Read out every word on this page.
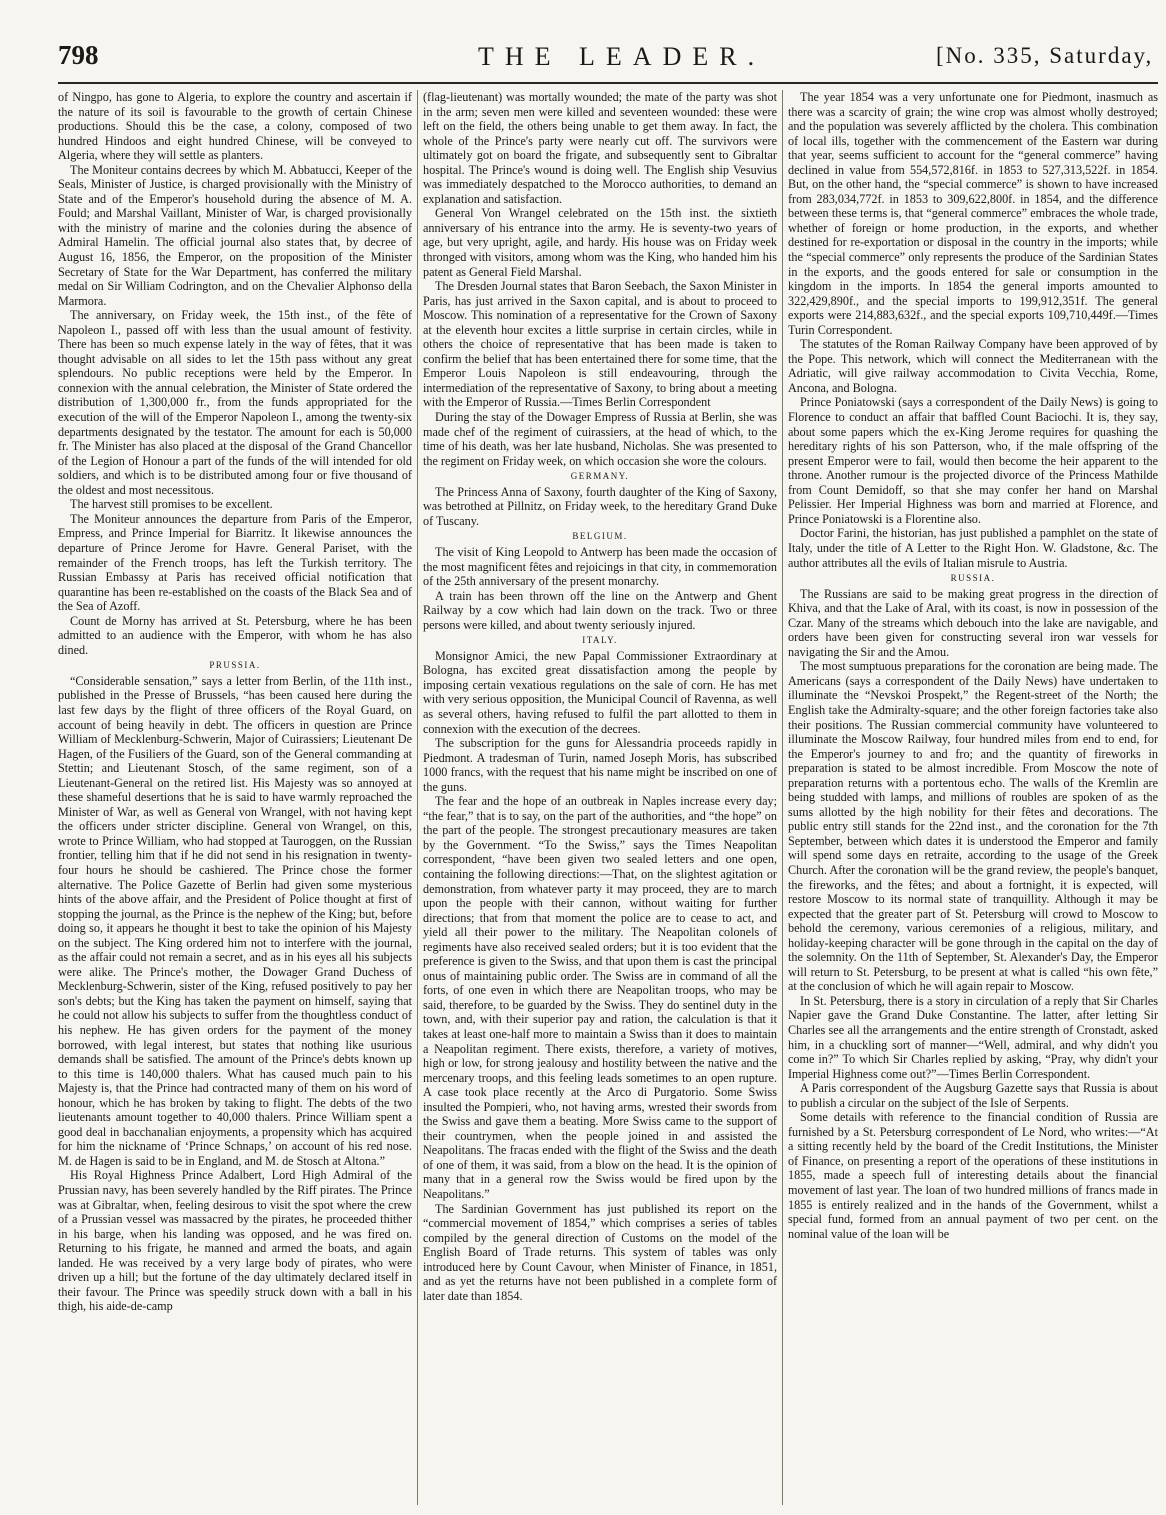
798	THE LEADER.	[No. 335, Saturday,

of Ningpo, has gone to Algeria, to explore the country and ascertain if the nature of its soil is favourable to the growth of certain Chinese productions. Should this be the case, a colony, composed of two hundred Hindoos and eight hundred Chinese, will be conveyed to Algeria, where they will settle as planters.

The Moniteur contains decrees by which M. Abbatucci, Keeper of the Seals, Minister of Justice, is charged provisionally with the Ministry of State and of the Emperor's household during the absence of M. A. Fould; and Marshal Vaillant, Minister of War, is charged provisionally with the ministry of marine and the colonies during the absence of Admiral Hamelin. The official journal also states that, by decree of August 16, 1856, the Emperor, on the proposition of the Minister Secretary of State for the War Department, has conferred the military medal on Sir William Codrington, and on the Chevalier Alphonso della Marmora.

The anniversary, on Friday week, the 15th inst., of the fête of Napoleon I., passed off with less than the usual amount of festivity. There has been so much expense lately in the way of fêtes, that it was thought advisable on all sides to let the 15th pass without any great splendours. No public receptions were held by the Emperor. In connexion with the annual celebration, the Minister of State ordered the distribution of 1,300,000 fr., from the funds appropriated for the execution of the will of the Emperor Napoleon I., among the twenty-six departments designated by the testator. The amount for each is 50,000 fr. The Minister has also placed at the disposal of the Grand Chancellor of the Legion of Honour a part of the funds of the will intended for old soldiers, and which is to be distributed among four or five thousand of the oldest and most necessitous.

The harvest still promises to be excellent.

The Moniteur announces the departure from Paris of the Emperor, Empress, and Prince Imperial for Biarritz. It likewise announces the departure of Prince Jerome for Havre. General Pariset, with the remainder of the French troops, has left the Turkish territory. The Russian Embassy at Paris has received official notification that quarantine has been re-established on the coasts of the Black Sea and of the Sea of Azoff.

Count de Morny has arrived at St. Petersburg, where he has been admitted to an audience with the Emperor, with whom he has also dined.

PRUSSIA.

“Considerable sensation,” says a letter from Berlin, of the 11th inst., published in the Presse of Brussels, “has been caused here during the last few days by the flight of three officers of the Royal Guard, on account of being heavily in debt. The officers in question are Prince William of Mecklenburg-Schwerin, Major of Cuirassiers; Lieutenant De Hagen, of the Fusiliers of the Guard, son of the General commanding at Stettin; and Lieutenant Stosch, of the same regiment, son of a Lieutenant-General on the retired list. His Majesty was so annoyed at these shameful desertions that he is said to have warmly reproached the Minister of War, as well as General von Wrangel, with not having kept the officers under stricter discipline. General von Wrangel, on this, wrote to Prince William, who had stopped at Tauroggen, on the Russian frontier, telling him that if he did not send in his resignation in twenty-four hours he should be cashiered. The Prince chose the former alternative. The Police Gazette of Berlin had given some mysterious hints of the above affair, and the President of Police thought at first of stopping the journal, as the Prince is the nephew of the King; but, before doing so, it appears he thought it best to take the opinion of his Majesty on the subject. The King ordered him not to interfere with the journal, as the affair could not remain a secret, and as in his eyes all his subjects were alike. The Prince's mother, the Dowager Grand Duchess of Mecklenburg-Schwerin, sister of the King, refused positively to pay her son's debts; but the King has taken the payment on himself, saying that he could not allow his subjects to suffer from the thoughtless conduct of his nephew. He has given orders for the payment of the money borrowed, with legal interest, but states that nothing like usurious demands shall be satisfied. The amount of the Prince's debts known up to this time is 140,000 thalers. What has caused much pain to his Majesty is, that the Prince had contracted many of them on his word of honour, which he has broken by taking to flight. The debts of the two lieutenants amount together to 40,000 thalers. Prince William spent a good deal in bacchanalian enjoyments, a propensity which has acquired for him the nickname of ‘Prince Schnaps,’ on account of his red nose. M. de Hagen is said to be in England, and M. de Stosch at Altona.”

His Royal Highness Prince Adalbert, Lord High Admiral of the Prussian navy, has been severely handled by the Riff pirates. The Prince was at Gibraltar, when, feeling desirous to visit the spot where the crew of a Prussian vessel was massacred by the pirates, he proceeded thither in his barge, when his landing was opposed, and he was fired on. Returning to his frigate, he manned and armed the boats, and again landed. He was received by a very large body of pirates, who were driven up a hill; but the fortune of the day ultimately declared itself in their favour. The Prince was speedily struck down with a ball in his thigh, his aide-de-camp

(flag-lieutenant) was mortally wounded; the mate of the party was shot in the arm; seven men were killed and seventeen wounded: these were left on the field, the others being unable to get them away. In fact, the whole of the Prince's party were nearly cut off. The survivors were ultimately got on board the frigate, and subsequently sent to Gibraltar hospital. The Prince's wound is doing well. The English ship Vesuvius was immediately despatched to the Morocco authorities, to demand an explanation and satisfaction.

General Von Wrangel celebrated on the 15th inst. the sixtieth anniversary of his entrance into the army. He is seventy-two years of age, but very upright, agile, and hardy. His house was on Friday week thronged with visitors, among whom was the King, who handed him his patent as General Field Marshal.

The Dresden Journal states that Baron Seebach, the Saxon Minister in Paris, has just arrived in the Saxon capital, and is about to proceed to Moscow. This nomination of a representative for the Crown of Saxony at the eleventh hour excites a little surprise in certain circles, while in others the choice of representative that has been made is taken to confirm the belief that has been entertained there for some time, that the Emperor Louis Napoleon is still endeavouring, through the intermediation of the representative of Saxony, to bring about a meeting with the Emperor of Russia.—Times Berlin Correspondent

During the stay of the Dowager Empress of Russia at Berlin, she was made chef of the regiment of cuirassiers, at the head of which, to the time of his death, was her late husband, Nicholas. She was presented to the regiment on Friday week, on which occasion she wore the colours.

GERMANY.

The Princess Anna of Saxony, fourth daughter of the King of Saxony, was betrothed at Pillnitz, on Friday week, to the hereditary Grand Duke of Tuscany.

BELGIUM.

The visit of King Leopold to Antwerp has been made the occasion of the most magnificent fêtes and rejoicings in that city, in commemoration of the 25th anniversary of the present monarchy.

A train has been thrown off the line on the Antwerp and Ghent Railway by a cow which had lain down on the track. Two or three persons were killed, and about twenty seriously injured.

ITALY.

Monsignor Amici, the new Papal Commissioner Extraordinary at Bologna, has excited great dissatisfaction among the people by imposing certain vexatious regulations on the sale of corn. He has met with very serious opposition, the Municipal Council of Ravenna, as well as several others, having refused to fulfil the part allotted to them in connexion with the execution of the decrees.

The subscription for the guns for Alessandria proceeds rapidly in Piedmont. A tradesman of Turin, named Joseph Moris, has subscribed 1000 francs, with the request that his name might be inscribed on one of the guns.

The fear and the hope of an outbreak in Naples increase every day; “the fear,” that is to say, on the part of the authorities, and “the hope” on the part of the people. The strongest precautionary measures are taken by the Government. “To the Swiss,” says the Times Neapolitan correspondent, “have been given two sealed letters and one open, containing the following directions:—That, on the slightest agitation or demonstration, from whatever party it may proceed, they are to march upon the people with their cannon, without waiting for further directions; that from that moment the police are to cease to act, and yield all their power to the military. The Neapolitan colonels of regiments have also received sealed orders; but it is too evident that the preference is given to the Swiss, and that upon them is cast the principal onus of maintaining public order. The Swiss are in command of all the forts, of one even in which there are Neapolitan troops, who may be said, therefore, to be guarded by the Swiss. They do sentinel duty in the town, and, with their superior pay and ration, the calculation is that it takes at least one-half more to maintain a Swiss than it does to maintain a Neapolitan regiment. There exists, therefore, a variety of motives, high or low, for strong jealousy and hostility between the native and the mercenary troops, and this feeling leads sometimes to an open rupture. A case took place recently at the Arco di Purgatorio. Some Swiss insulted the Pompieri, who, not having arms, wrested their swords from the Swiss and gave them a beating. More Swiss came to the support of their countrymen, when the people joined in and assisted the Neapolitans. The fracas ended with the flight of the Swiss and the death of one of them, it was said, from a blow on the head. It is the opinion of many that in a general row the Swiss would be fired upon by the Neapolitans.”

The Sardinian Government has just published its report on the “commercial movement of 1854,” which comprises a series of tables compiled by the general direction of Customs on the model of the English Board of Trade returns. This system of tables was only introduced here by Count Cavour, when Minister of Finance, in 1851, and as yet the returns have not been published in a complete form of later date than 1854.

The year 1854 was a very unfortunate one for Piedmont, inasmuch as there was a scarcity of grain; the wine crop was almost wholly destroyed; and the population was severely afflicted by the cholera. This combination of local ills, together with the commencement of the Eastern war during that year, seems sufficient to account for the “general commerce” having declined in value from 554,572,816f. in 1853 to 527,313,522f. in 1854. But, on the other hand, the “special commerce” is shown to have increased from 283,034,772f. in 1853 to 309,622,800f. in 1854, and the difference between these terms is, that “general commerce” embraces the whole trade, whether of foreign or home production, in the exports, and whether destined for re-exportation or disposal in the country in the imports; while the “special commerce” only represents the produce of the Sardinian States in the exports, and the goods entered for sale or consumption in the kingdom in the imports. In 1854 the general imports amounted to 322,429,890f., and the special imports to 199,912,351f. The general exports were 214,883,632f., and the special exports 109,710,449f.—Times Turin Correspondent.

The statutes of the Roman Railway Company have been approved of by the Pope. This network, which will connect the Mediterranean with the Adriatic, will give railway accommodation to Civita Vecchia, Rome, Ancona, and Bologna.

Prince Poniatowski (says a correspondent of the Daily News) is going to Florence to conduct an affair that baffled Count Baciochi. It is, they say, about some papers which the ex-King Jerome requires for quashing the hereditary rights of his son Patterson, who, if the male offspring of the present Emperor were to fail, would then become the heir apparent to the throne. Another rumour is the projected divorce of the Princess Mathilde from Count Demidoff, so that she may confer her hand on Marshal Pelissier. Her Imperial Highness was born and married at Florence, and Prince Poniatowski is a Florentine also.

Doctor Farini, the historian, has just published a pamphlet on the state of Italy, under the title of A Letter to the Right Hon. W. Gladstone, &c. The author attributes all the evils of Italian misrule to Austria.

RUSSIA.

The Russians are said to be making great progress in the direction of Khiva, and that the Lake of Aral, with its coast, is now in possession of the Czar. Many of the streams which debouch into the lake are navigable, and orders have been given for constructing several iron war vessels for navigating the Sir and the Amou.

The most sumptuous preparations for the coronation are being made. The Americans (says a correspondent of the Daily News) have undertaken to illuminate the “Nevskoi Prospekt,” the Regent-street of the North; the English take the Admiralty-square; and the other foreign factories take also their positions. The Russian commercial community have volunteered to illuminate the Moscow Railway, four hundred miles from end to end, for the Emperor's journey to and fro; and the quantity of fireworks in preparation is stated to be almost incredible. From Moscow the note of preparation returns with a portentous echo. The walls of the Kremlin are being studded with lamps, and millions of roubles are spoken of as the sums allotted by the high nobility for their fêtes and decorations. The public entry still stands for the 22nd inst., and the coronation for the 7th September, between which dates it is understood the Emperor and family will spend some days en retraite, according to the usage of the Greek Church. After the coronation will be the grand review, the people's banquet, the fireworks, and the fêtes; and about a fortnight, it is expected, will restore Moscow to its normal state of tranquillity. Although it may be expected that the greater part of St. Petersburg will crowd to Moscow to behold the ceremony, various ceremonies of a religious, military, and holiday-keeping character will be gone through in the capital on the day of the solemnity. On the 11th of September, St. Alexander's Day, the Emperor will return to St. Petersburg, to be present at what is called “his own fête,” at the conclusion of which he will again repair to Moscow.

In St. Petersburg, there is a story in circulation of a reply that Sir Charles Napier gave the Grand Duke Constantine. The latter, after letting Sir Charles see all the arrangements and the entire strength of Cronstadt, asked him, in a chuckling sort of manner—“Well, admiral, and why didn't you come in?” To which Sir Charles replied by asking, “Pray, why didn't your Imperial Highness come out?”—Times Berlin Correspondent.

A Paris correspondent of the Augsburg Gazette says that Russia is about to publish a circular on the subject of the Isle of Serpents.

Some details with reference to the financial condition of Russia are furnished by a St. Petersburg correspondent of Le Nord, who writes:—“At a sitting recently held by the board of the Credit Institutions, the Minister of Finance, on presenting a report of the operations of these institutions in 1855, made a speech full of interesting details about the financial movement of last year. The loan of two hundred millions of francs made in 1855 is entirely realized and in the hands of the Government, whilst a special fund, formed from an annual payment of two per cent. on the nominal value of the loan will be
